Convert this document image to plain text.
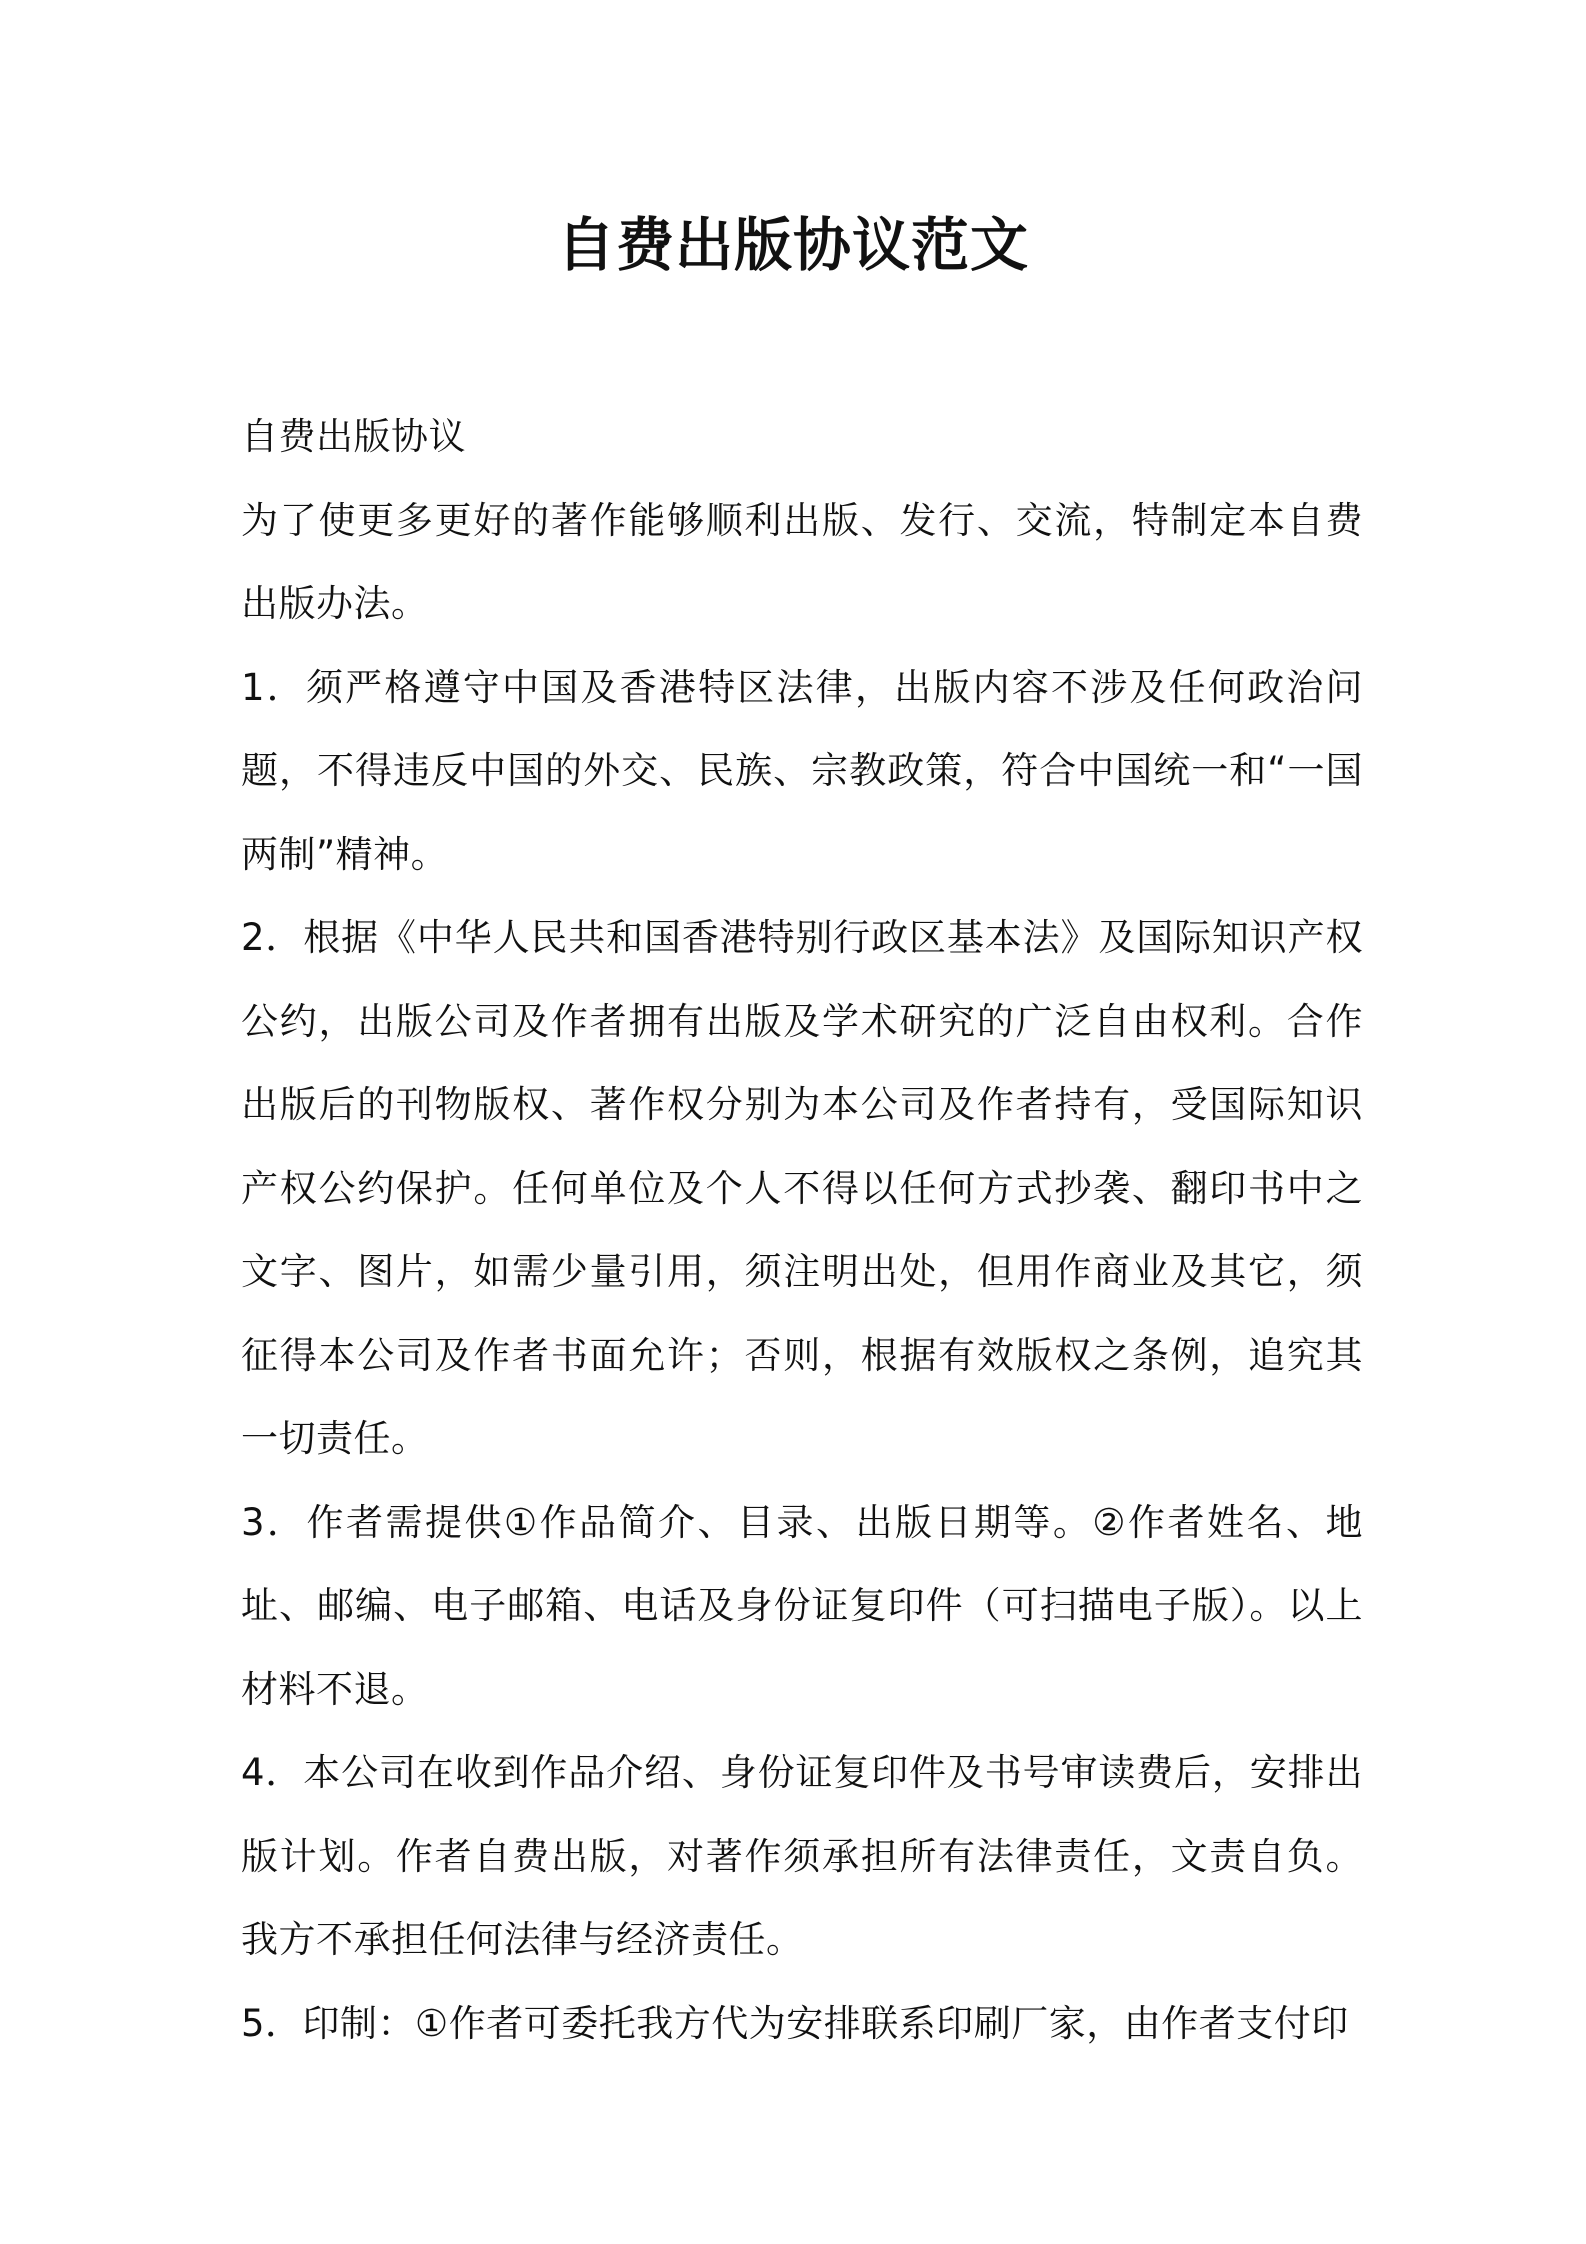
自费出版协议范文

自费出版协议

为了使更多更好的著作能够顺利出版、发行、交流，特制定本自费出版办法。

1．须严格遵守中国及香港特区法律，出版内容不涉及任何政治问题，不得违反中国的外交、民族、宗教政策，符合中国统一和“一国两制”精神。

2．根据《中华人民共和国香港特别行政区基本法》及国际知识产权公约，出版公司及作者拥有出版及学术研究的广泛自由权利。合作出版后的刊物版权、著作权分别为本公司及作者持有，受国际知识产权公约保护。任何单位及个人不得以任何方式抄袭、翻印书中之文字、图片，如需少量引用，须注明出处，但用作商业及其它，须征得本公司及作者书面允许；否则，根据有效版权之条例，追究其一切责任。

3．作者需提供①作品简介、目录、出版日期等。②作者姓名、地址、邮编、电子邮箱、电话及身份证复印件（可扫描电子版）。以上材料不退。

4．本公司在收到作品介绍、身份证复印件及书号审读费后，安排出版计划。作者自费出版，对著作须承担所有法律责任，文责自负。我方不承担任何法律与经济责任。

5．印制：①作者可委托我方代为安排联系印刷厂家，由作者支付印
